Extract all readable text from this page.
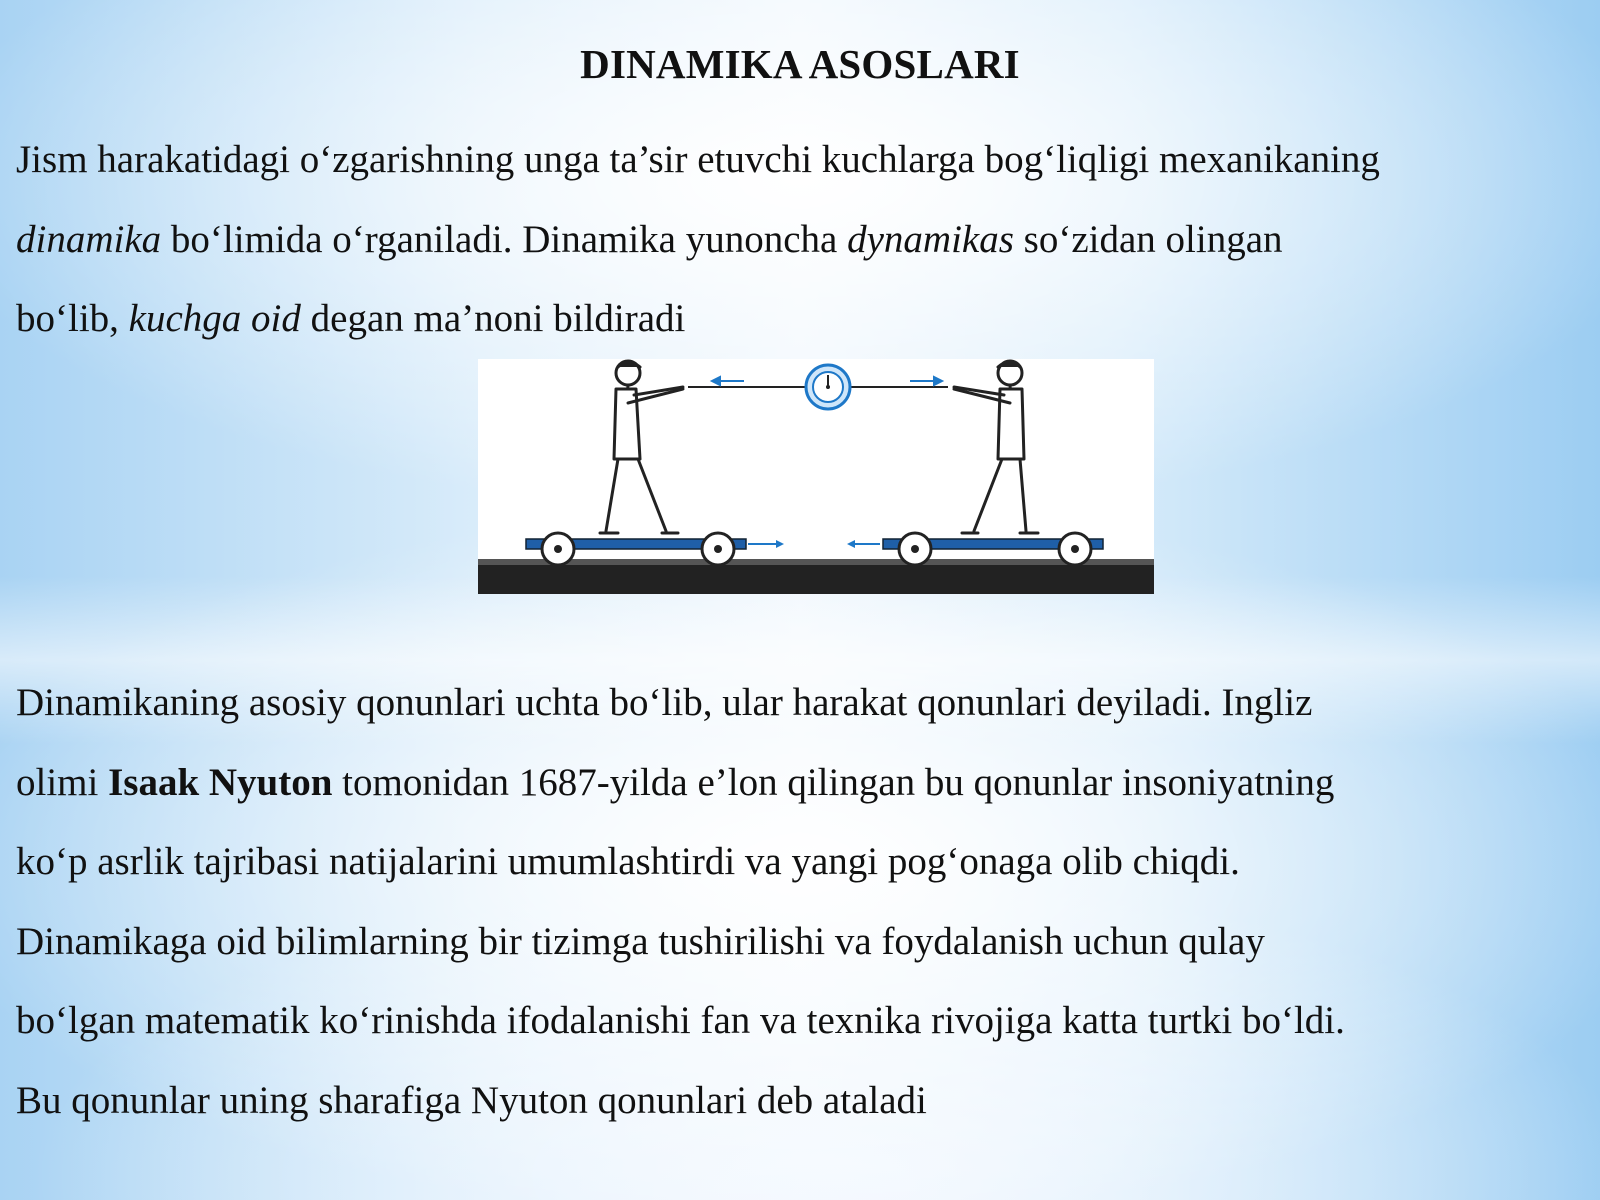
DINAMIKA ASOSLARI

Jism harakatidagi o‘zgarishning unga ta’sir etuvchi kuchlarga bog‘liqligi mexanikaning
dinamika bo‘limida o‘rganiladi. Dinamika yunoncha dynamikas so‘zidan olingan
bo‘lib, kuchga oid degan ma’noni bildiradi

Dinamikaning asosiy qonunlari uchta bo‘lib, ular harakat qonunlari deyiladi. Ingliz
olimi Isaak Nyuton tomonidan 1687-yilda e’lon qilingan bu qonunlar insoniyatning
ko‘p asrlik tajribasi natijalarini umumlashtirdi va yangi pog‘onaga olib chiqdi.
Dinamikaga oid bilimlarning bir tizimga tushirilishi va foydalanish uchun qulay
bo‘lgan matematik ko‘rinishda ifodalanishi fan va texnika rivojiga katta turtki bo‘ldi.
Bu qonunlar uning sharafiga Nyuton qonunlari deb ataladi
